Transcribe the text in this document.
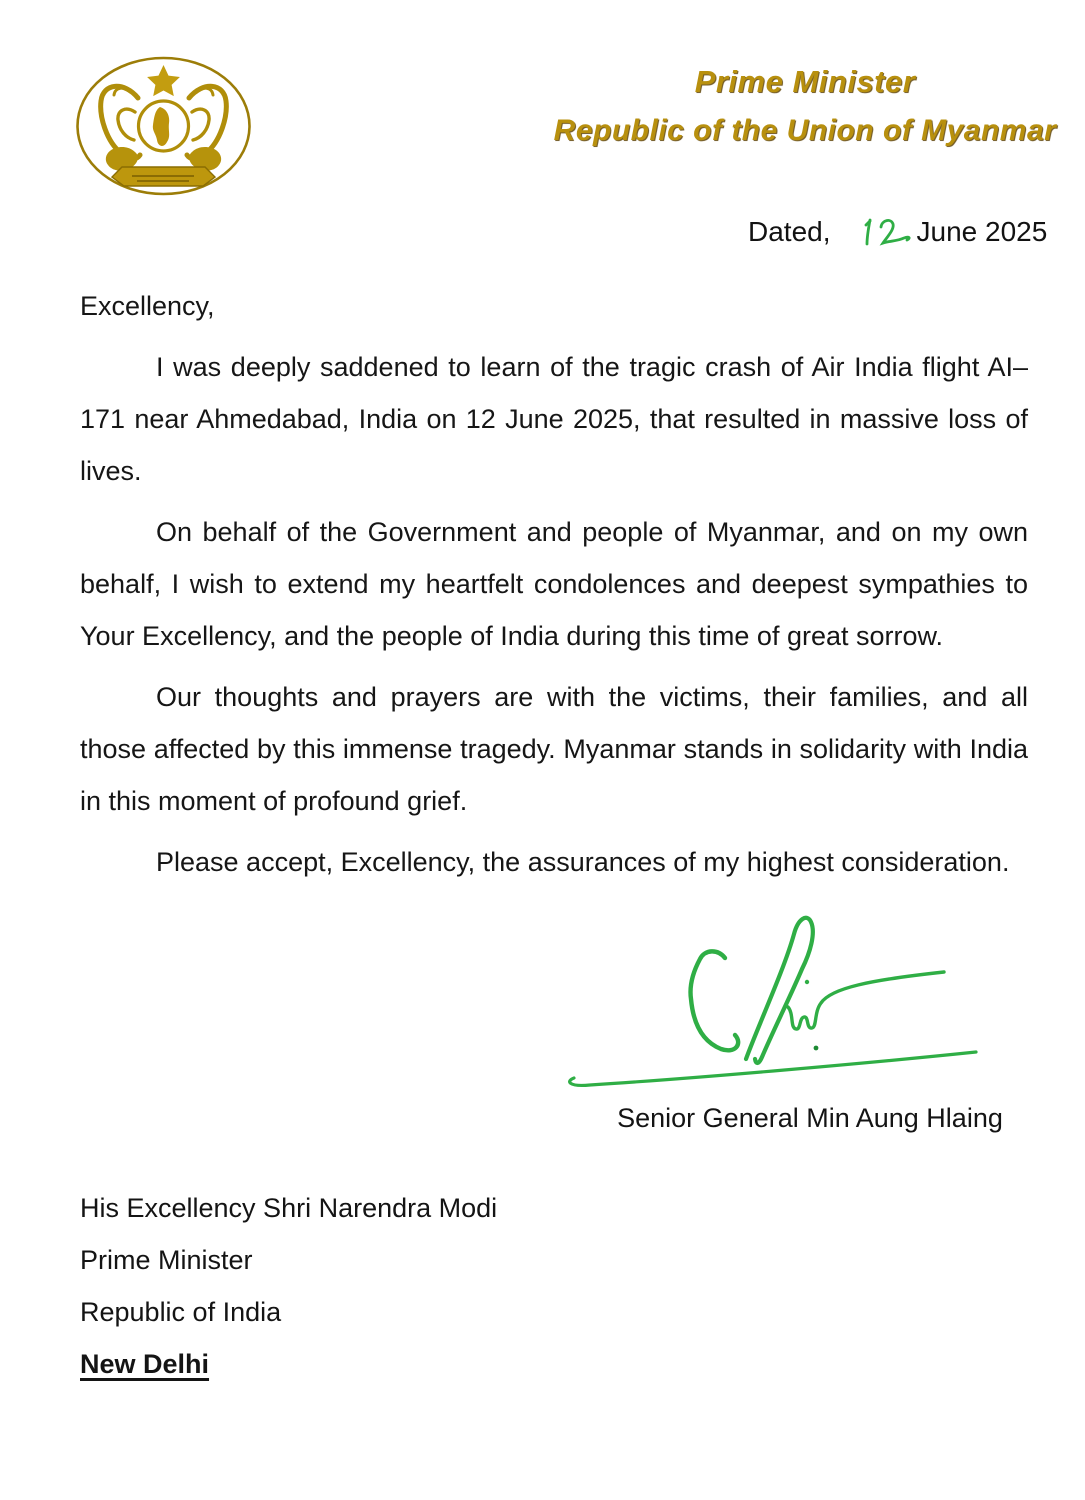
Prime Minister
Republic of the Union of Myanmar
Dated,	June 2025

Excellency,

I was deeply saddened to learn of the tragic crash of Air India flight AI–171 near Ahmedabad, India on 12 June 2025, that resulted in massive loss of lives.

On behalf of the Government and people of Myanmar, and on my own behalf, I wish to extend my heartfelt condolences and deepest sympathies to Your Excellency, and the people of India during this time of great sorrow.

Our thoughts and prayers are with the victims, their families, and all those affected by this immense tragedy. Myanmar stands in solidarity with India in this moment of profound grief.

Please accept, Excellency, the assurances of my highest consideration.

Senior General Min Aung Hlaing
His Excellency Shri Narendra Modi
Prime Minister
Republic of India
New Delhi
